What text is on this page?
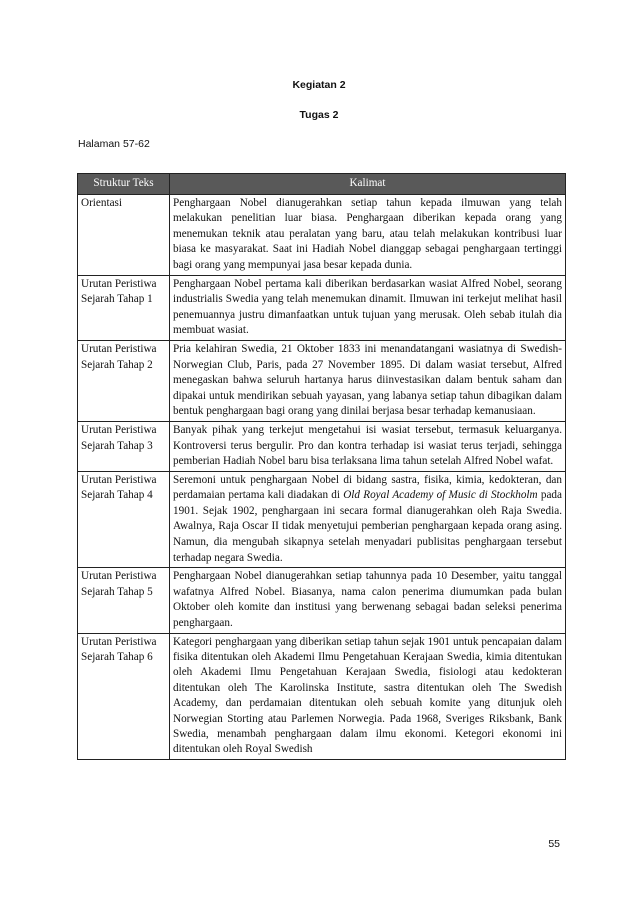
Kegiatan 2
Tugas 2
Halaman 57-62
Struktur Teks	Kalimat
Orientasi	Penghargaan Nobel dianugerahkan setiap tahun kepada ilmuwan yang telah melakukan penelitian luar biasa. Penghargaan diberikan kepada orang yang menemukan teknik atau peralatan yang baru, atau telah melakukan kontribusi luar biasa ke masyarakat. Saat ini Hadiah Nobel dianggap sebagai penghargaan tertinggi bagi orang yang mempunyai jasa besar kepada dunia.
Urutan Peristiwa Sejarah Tahap 1	Penghargaan Nobel pertama kali diberikan berdasarkan wasiat Alfred Nobel, seorang industrialis Swedia yang telah menemukan dinamit. Ilmuwan ini terkejut melihat hasil penemuannya justru dimanfaatkan untuk tujuan yang merusak. Oleh sebab itulah dia membuat wasiat.
Urutan Peristiwa Sejarah Tahap 2	Pria kelahiran Swedia, 21 Oktober 1833 ini menandatangani wasiatnya di Swedish-Norwegian Club, Paris, pada 27 November 1895. Di dalam wasiat tersebut, Alfred menegaskan bahwa seluruh hartanya harus diinvestasikan dalam bentuk saham dan dipakai untuk mendirikan sebuah yayasan, yang labanya setiap tahun dibagikan dalam bentuk penghargaan bagi orang yang dinilai berjasa besar terhadap kemanusiaan.
Urutan Peristiwa Sejarah Tahap 3	Banyak pihak yang terkejut mengetahui isi wasiat tersebut, termasuk keluarganya. Kontroversi terus bergulir. Pro dan kontra terhadap isi wasiat terus terjadi, sehingga pemberian Hadiah Nobel baru bisa terlaksana lima tahun setelah Alfred Nobel wafat.
Urutan Peristiwa Sejarah Tahap 4	Seremoni untuk penghargaan Nobel di bidang sastra, fisika, kimia, kedokteran, dan perdamaian pertama kali diadakan di Old Royal Academy of Music di Stockholm pada 1901. Sejak 1902, penghargaan ini secara formal dianugerahkan oleh Raja Swedia. Awalnya, Raja Oscar II tidak menyetujui pemberian penghargaan kepada orang asing. Namun, dia mengubah sikapnya setelah menyadari publisitas penghargaan tersebut terhadap negara Swedia.
Urutan Peristiwa Sejarah Tahap 5	Penghargaan Nobel dianugerahkan setiap tahunnya pada 10 Desember, yaitu tanggal wafatnya Alfred Nobel. Biasanya, nama calon penerima diumumkan pada bulan Oktober oleh komite dan institusi yang berwenang sebagai badan seleksi penerima penghargaan.
Urutan Peristiwa Sejarah Tahap 6	Kategori penghargaan yang diberikan setiap tahun sejak 1901 untuk pencapaian dalam fisika ditentukan oleh Akademi Ilmu Pengetahuan Kerajaan Swedia, kimia ditentukan oleh Akademi Ilmu Pengetahuan Kerajaan Swedia, fisiologi atau kedokteran ditentukan oleh The Karolinska Institute, sastra ditentukan oleh The Swedish Academy, dan perdamaian ditentukan oleh sebuah komite yang ditunjuk oleh Norwegian Storting atau Parlemen Norwegia. Pada 1968, Sveriges Riksbank, Bank Swedia, menambah penghargaan dalam ilmu ekonomi. Ketegori ekonomi ini ditentukan oleh Royal Swedish
55
